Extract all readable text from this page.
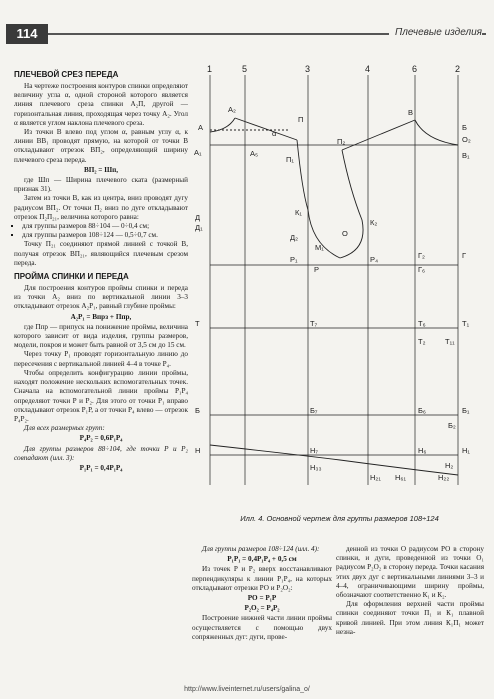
114	Плечевые изделия
ПЛЕЧЕВОЙ СРЕЗ ПЕРЕДА

На чертеже построения контуров спинки определяют величину угла α, одной стороной которого является линия плечевого среза спинки А₂П, другой — горизонтальная линия, проходящая через точку А₂. Угол α является углом наклона плечевого среза.

Из точки В влево под углом α, равным углу α, к линии ВВ₁ проводят прямую, на которой от точки В откладывают отрезок ВП₂, определяющий ширину плечевого среза переда.

ВП₂ = Шп,

где Шп — Ширина плечевого ската (размерный признак 31).

Затем из точки В, как из центра, вниз проводят дугу радиусом ВП₂. От точки П₂ вниз по дуге откладывают отрезок П₂П₂₁, величина которого равна:

▪ для группы размеров 88÷104 — 0÷0,4 см;
▪ для группы размеров 108÷124 — 0,5÷0,7 см.

Точку П₂₁ соединяют прямой линией с точкой В, получая отрезок ВП₂₁, являющийся плечевым срезом переда.

ПРОЙМА СПИНКИ И ПЕРЕДА

Для построения контуров проймы спинки и переда из точки А₂ вниз по вертикальной линии 3–3 откладывают отрезок А₂Р₁, равный глубине проймы:

А₂Р₁ = Впрз + Ппр,

где Ппр — припуск на понижение проймы, величина которого зависит от вида изделия, группы размеров, модели, покроя и может быть равной от 3,5 см до 15 см.

Через точку Р₁ проводят горизонтальную линию до пересечения с вертикальной линией 4–4 в точке Р₄.

Чтобы определить конфигурацию линии проймы, находят положение нескольких вспомогательных точек. Сначала на вспомогательной линии проймы Р₁Р₄ определяют точки Р и Р₂. Для этого от точки Р₁ вправо откладывают отрезок Р₁Р, а от точки Р₄ влево — отрезок Р₄Р₂.

Для всех размерных групп:

Р₄Р₂ = 0,6Р₁Р₄

Для группы размеров 88÷104, где точки Р и Р₂ совпадают (илл. 3):

Р₁Р₁ = 0,4Р₁Р₄

1	5	3	4	6	2
А₁
А
А₂
А₅
В
Б
О₂
В₁
П
П₁
П₂
К₁
К₂
О
Д
Д₁
Д₂
М₁
Р₁
Р
Р₄
Г₆
Г₂	Г
Т	Т₁
Т₇	Т₆
Т₂	Т₁₁
Б	Б₁
Б₇	Б₆
Б₂
Н	Н₁
Н₇
Н₃₃
Н₆
Н₂
Н₆₁	Н₂₂
Н₂₁
α
Илл. 4. Основной чертеж для группы размеров 108÷124

Для группы размеров 108÷124 (илл. 4):

Р₁Р₁ = 0,4Р₁Р₄ + 0,5 см

Из точек Р и Р₂ вверх восстанавливают перпендикуляры к линии Р₁Р₄, на которых откладывают отрезки РО и Р₂О₂:

РО = Р₁Р

Р₂О₂ = Р₄Р₂

Построение нижней части линии проймы осуществляется с помощью двух сопряженных дуг: дуги, прове-

денной из точки О радиусом РО в сторону спинки, и дуги, проведенной из точки О₁ радиусом Р₂О₂ в сторону переда. Точки касания этих двух дуг с вертикальными линиями 3–3 и 4–4, ограничивающими ширину проймы, обозначают соответственно К₁ и К₂.

Для оформления верхней части проймы спинки соединяют точки П₁ и К₁ плавной кривой линией. При этом линия К₁П₁ может незна-

http://www.liveinternet.ru/users/galina_o/
